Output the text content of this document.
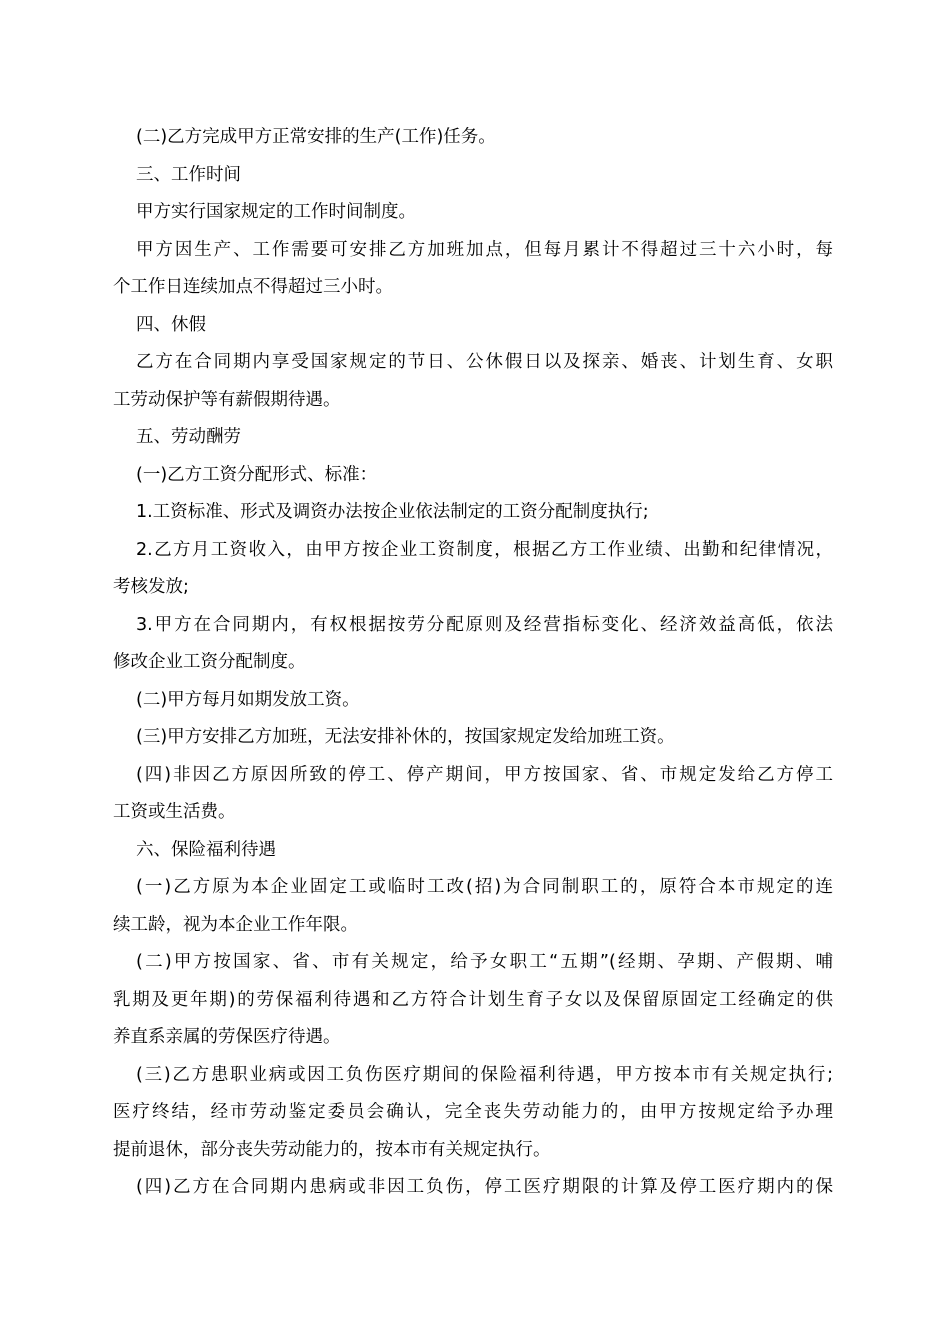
(二)乙方完成甲方正常安排的生产(工作)任务。

三、工作时间

甲方实行国家规定的工作时间制度。

甲方因生产、工作需要可安排乙方加班加点，但每月累计不得超过三十六小时，每

个工作日连续加点不得超过三小时。

四、休假

乙方在合同期内享受国家规定的节日、公休假日以及探亲、婚丧、计划生育、女职

工劳动保护等有薪假期待遇。

五、劳动酬劳

(一)乙方工资分配形式、标准：

1.工资标准、形式及调资办法按企业依法制定的工资分配制度执行;

2.乙方月工资收入，由甲方按企业工资制度，根据乙方工作业绩、出勤和纪律情况，

考核发放;

3.甲方在合同期内，有权根据按劳分配原则及经营指标变化、经济效益高低，依法

修改企业工资分配制度。

(二)甲方每月如期发放工资。

(三)甲方安排乙方加班，无法安排补休的，按国家规定发给加班工资。

(四)非因乙方原因所致的停工、停产期间，甲方按国家、省、市规定发给乙方停工

工资或生活费。

六、保险福利待遇

(一)乙方原为本企业固定工或临时工改(招)为合同制职工的，原符合本市规定的连

续工龄，视为本企业工作年限。

(二)甲方按国家、省、市有关规定，给予女职工“五期”(经期、孕期、产假期、哺

乳期及更年期)的劳保福利待遇和乙方符合计划生育子女以及保留原固定工经确定的供

养直系亲属的劳保医疗待遇。

(三)乙方患职业病或因工负伤医疗期间的保险福利待遇，甲方按本市有关规定执行;

医疗终结，经市劳动鉴定委员会确认，完全丧失劳动能力的，由甲方按规定给予办理

提前退休，部分丧失劳动能力的，按本市有关规定执行。

(四)乙方在合同期内患病或非因工负伤，停工医疗期限的计算及停工医疗期内的保
